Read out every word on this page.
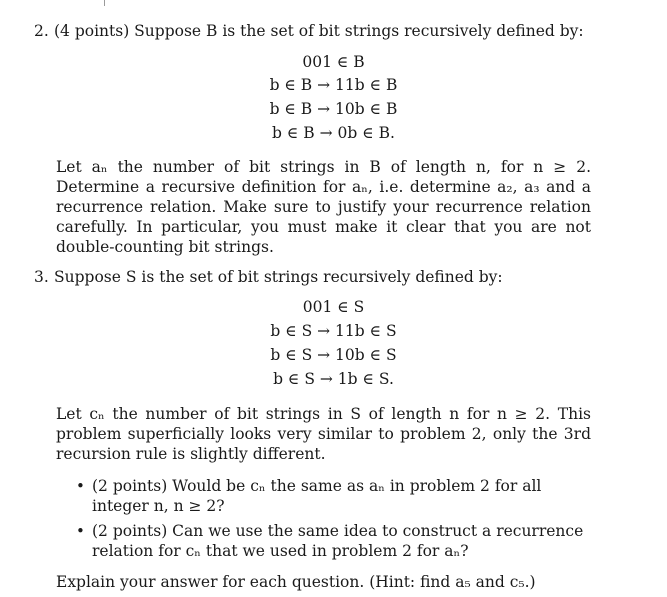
2. (4 points) Suppose B is the set of bit strings recursively defined by:
001 ∈ B
b ∈ B → 11b ∈ B
b ∈ B → 10b ∈ B
b ∈ B → 0b ∈ B.

Let aₙ the number of bit strings in B of length n, for n ≥ 2. Determine a recursive definition for aₙ, i.e. determine a₂, a₃ and a recurrence relation. Make sure to justify your recurrence relation carefully. In particular, you must make it clear that you are not double-counting bit strings.

3. Suppose S is the set of bit strings recursively defined by:
001 ∈ S
b ∈ S → 11b ∈ S
b ∈ S → 10b ∈ S
b ∈ S → 1b ∈ S.

Let cₙ the number of bit strings in S of length n for n ≥ 2. This problem superficially looks very similar to problem 2, only the 3rd recursion rule is slightly different.

• (2 points) Would be cₙ the same as aₙ in problem 2 for all integer n, n ≥ 2?

• (2 points) Can we use the same idea to construct a recurrence relation for cₙ that we used in problem 2 for aₙ?

Explain your answer for each question. (Hint: find a₅ and c₅.)
